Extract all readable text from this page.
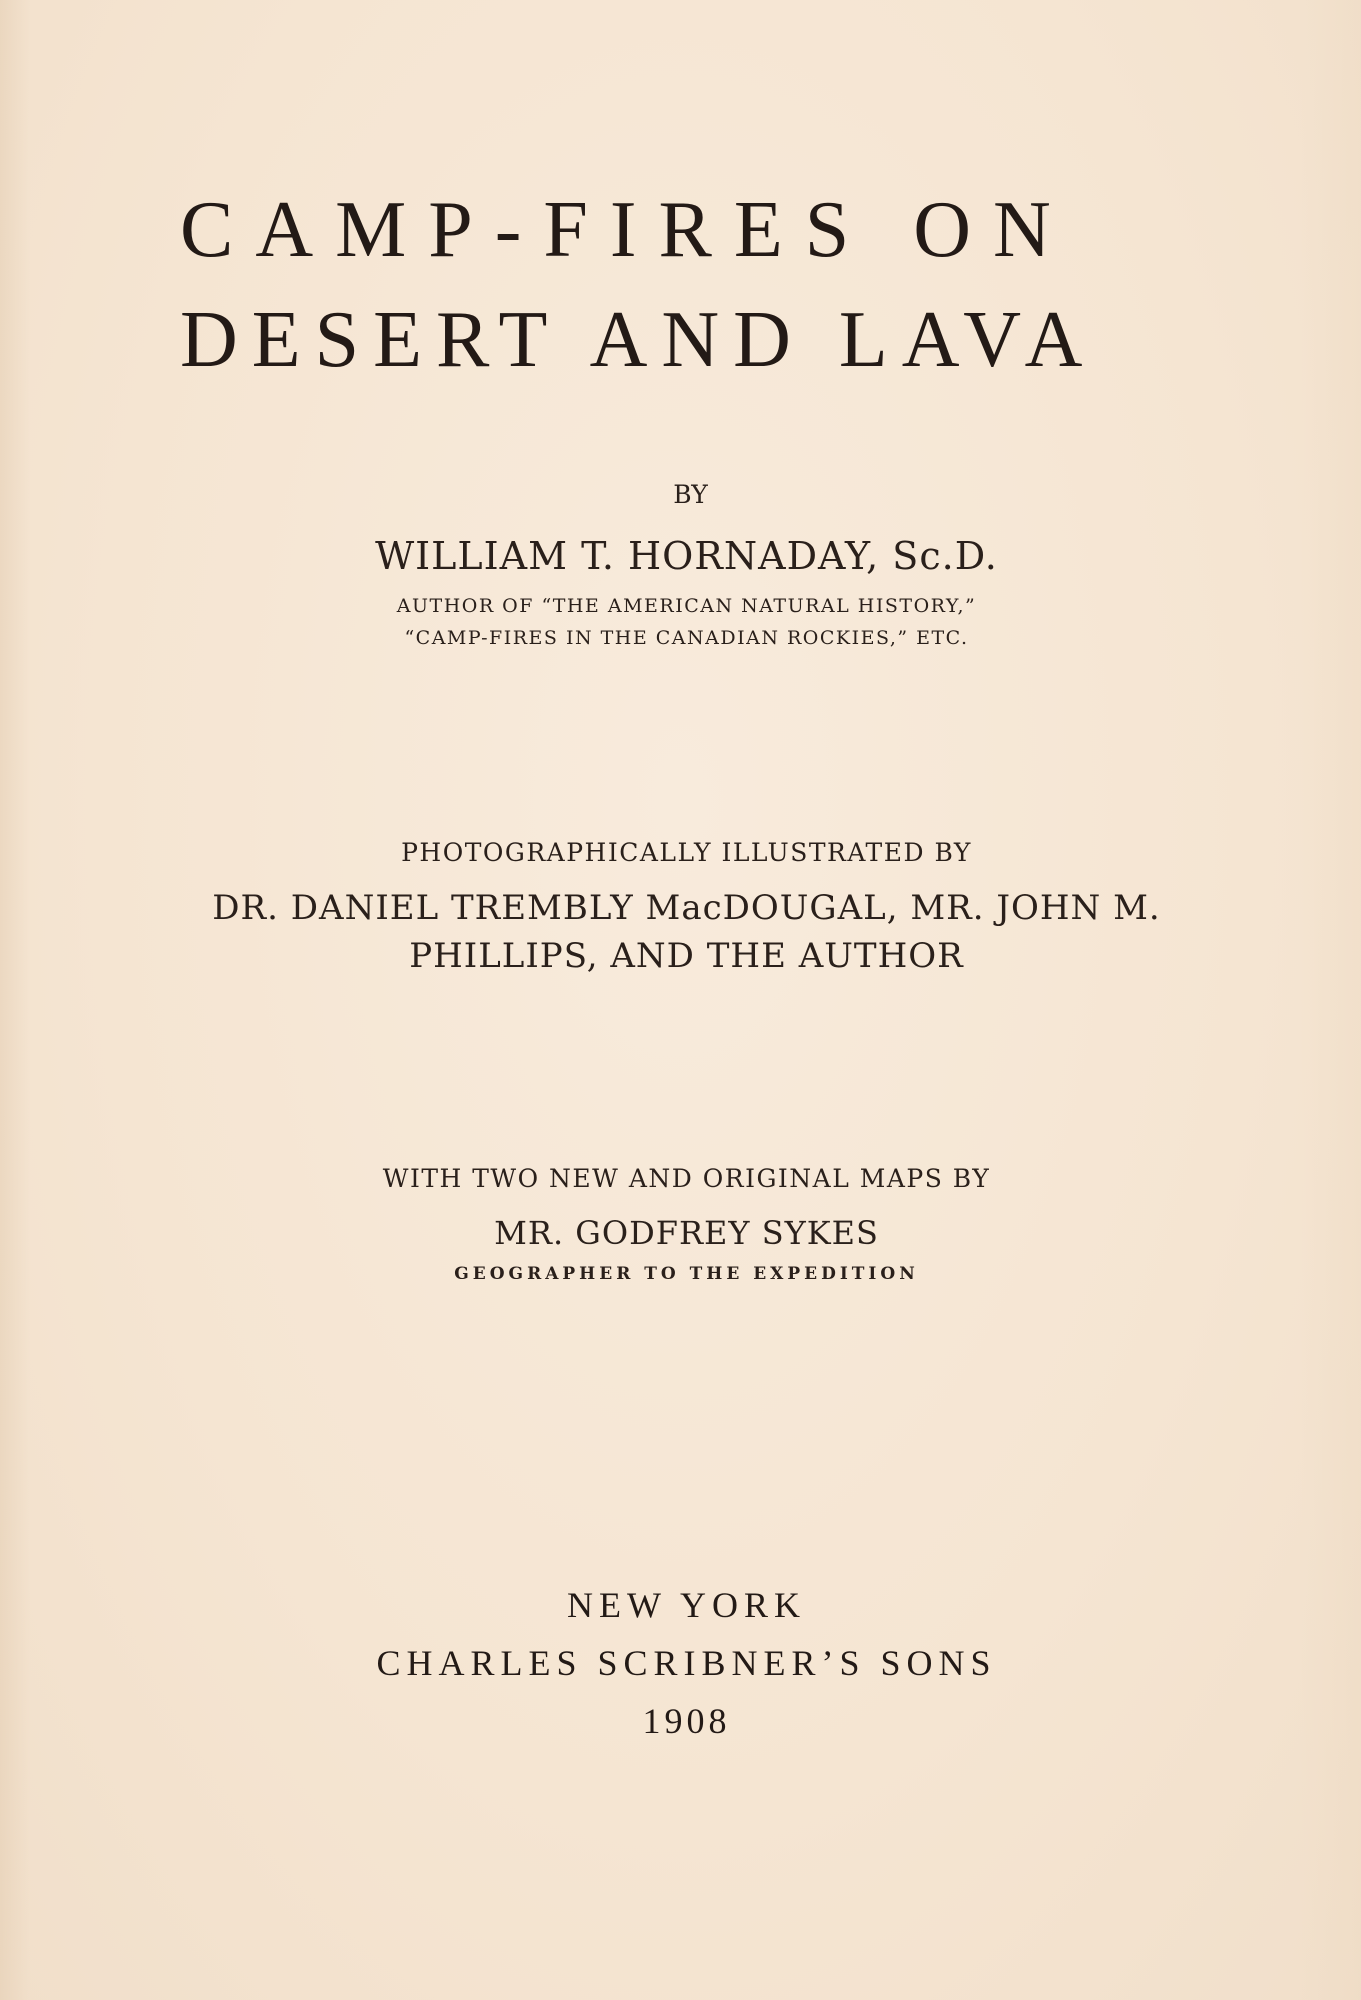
CAMP-FIRES ON
DESERT AND LAVA
BY
WILLIAM T. HORNADAY, Sc.D.
AUTHOR OF “THE AMERICAN NATURAL HISTORY,”
“CAMP-FIRES IN THE CANADIAN ROCKIES,” ETC.
PHOTOGRAPHICALLY ILLUSTRATED BY
DR. DANIEL TREMBLY MacDOUGAL, MR. JOHN M.
PHILLIPS, AND THE AUTHOR
WITH TWO NEW AND ORIGINAL MAPS BY
MR. GODFREY SYKES
GEOGRAPHER TO THE EXPEDITION
NEW YORK
CHARLES SCRIBNER’S SONS
1908
